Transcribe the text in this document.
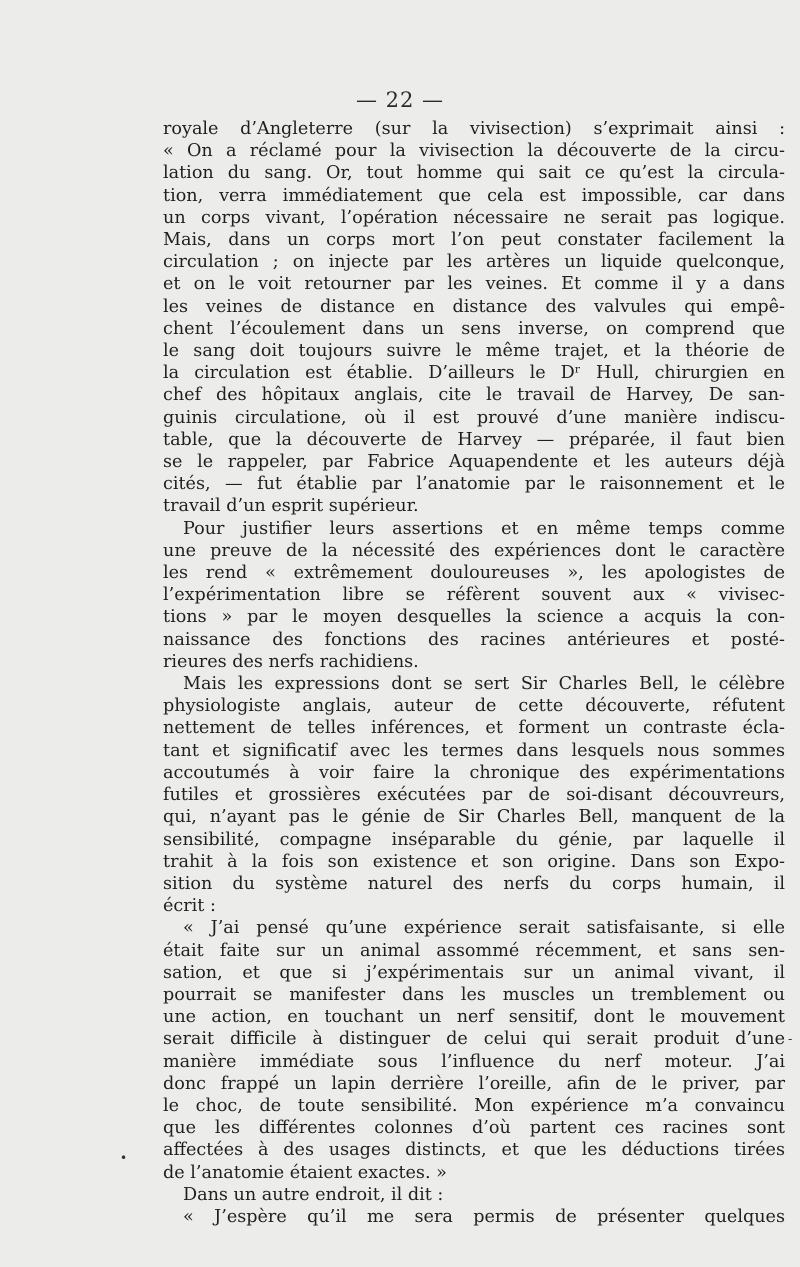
— 22 —
royale d’Angleterre (sur la vivisection) s’exprimait ainsi :
« On a réclamé pour la vivisection la découverte de la circu-
lation du sang. Or, tout homme qui sait ce qu’est la circula-
tion, verra immédiatement que cela est impossible, car dans
un corps vivant, l’opération nécessaire ne serait pas logique.
Mais, dans un corps mort l’on peut constater facilement la
circulation ; on injecte par les artères un liquide quelconque,
et on le voit retourner par les veines. Et comme il y a dans
les veines de distance en distance des valvules qui empê-
chent l’écoulement dans un sens inverse, on comprend que
le sang doit toujours suivre le même trajet, et la théorie de
la circulation est établie. D’ailleurs le Dʳ Hull, chirurgien en
chef des hôpitaux anglais, cite le travail de Harvey, De san-
guinis circulatione, où il est prouvé d’une manière indiscu-
table, que la découverte de Harvey — préparée, il faut bien
se le rappeler, par Fabrice Aquapendente et les auteurs déjà
cités, — fut établie par l’anatomie par le raisonnement et le
travail d’un esprit supérieur.
Pour justifier leurs assertions et en même temps comme
une preuve de la nécessité des expériences dont le caractère
les rend « extrêmement douloureuses », les apologistes de
l’expérimentation libre se réfèrent souvent aux « vivisec-
tions » par le moyen desquelles la science a acquis la con-
naissance des fonctions des racines antérieures et posté-
rieures des nerfs rachidiens.
Mais les expressions dont se sert Sir Charles Bell, le célèbre
physiologiste anglais, auteur de cette découverte, réfutent
nettement de telles inférences, et forment un contraste écla-
tant et significatif avec les termes dans lesquels nous sommes
accoutumés à voir faire la chronique des expérimentations
futiles et grossières exécutées par de soi-disant découvreurs,
qui, n’ayant pas le génie de Sir Charles Bell, manquent de la
sensibilité, compagne inséparable du génie, par laquelle il
trahit à la fois son existence et son origine. Dans son Expo-
sition du système naturel des nerfs du corps humain, il
écrit :
« J’ai pensé qu’une expérience serait satisfaisante, si elle
était faite sur un animal assommé récemment, et sans sen-
sation, et que si j’expérimentais sur un animal vivant, il
pourrait se manifester dans les muscles un tremblement ou
une action, en touchant un nerf sensitif, dont le mouvement
serait difficile à distinguer de celui qui serait produit d’une
manière immédiate sous l’influence du nerf moteur. J’ai
donc frappé un lapin derrière l’oreille, afin de le priver, par
le choc, de toute sensibilité. Mon expérience m’a convaincu
que les différentes colonnes d’où partent ces racines sont
affectées à des usages distincts, et que les déductions tirées
de l’anatomie étaient exactes. »
Dans un autre endroit, il dit :
« J’espère qu’il me sera permis de présenter quelques
•
-
